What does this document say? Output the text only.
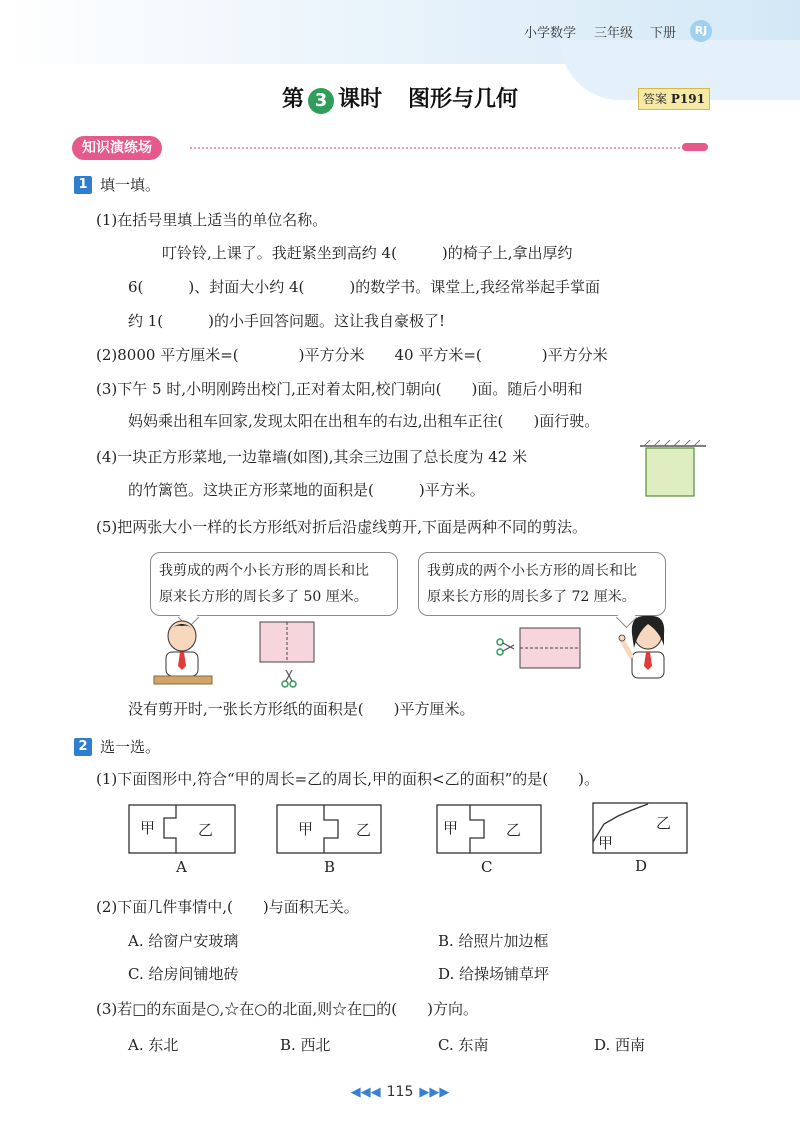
小学数学 三年级 下册	RJ
第 3 课时 图形与几何	答案 P191
知识演练场
1 填一填。
(1)在括号里填上适当的单位名称。
叮铃铃,上课了。我赶紧坐到高约 4(　　　)的椅子上,拿出厚约
6(　　　)、封面大小约 4(　　　)的数学书。课堂上,我经常举起手掌面
约 1(　　　)的小手回答问题。这让我自豪极了!
(2)8000 平方厘米=(　　　　)平方分米　　40 平方米=(　　　　)平方分米
(3)下午 5 时,小明刚跨出校门,正对着太阳,校门朝向(　　)面。随后小明和
妈妈乘出租车回家,发现太阳在出租车的右边,出租车正往(　　)面行驶。
(4)一块正方形菜地,一边靠墙(如图),其余三边围了总长度为 42 米
的竹篱笆。这块正方形菜地的面积是(　　　)平方米。
(5)把两张大小一样的长方形纸对折后沿虚线剪开,下面是两种不同的剪法。
我剪成的两个小长方形的周长和比
原来长方形的周长多了 50 厘米。
我剪成的两个小长方形的周长和比
原来长方形的周长多了 72 厘米。
没有剪开时,一张长方形纸的面积是(　　)平方厘米。
2 选一选。
(1)下面图形中,符合“甲的周长=乙的周长,甲的面积<乙的面积”的是(　　)。
甲	乙
A
甲	乙
B
甲	乙
C
甲
乙
D
(2)下面几件事情中,(　　)与面积无关。
A. 给窗户安玻璃	B. 给照片加边框
C. 给房间铺地砖	D. 给操场铺草坪
(3)若□的东面是○,☆在○的北面,则☆在□的(　　)方向。
A. 东北	B. 西北	C. 东南	D. 西南
◀◀◀ 115 ▶▶▶
